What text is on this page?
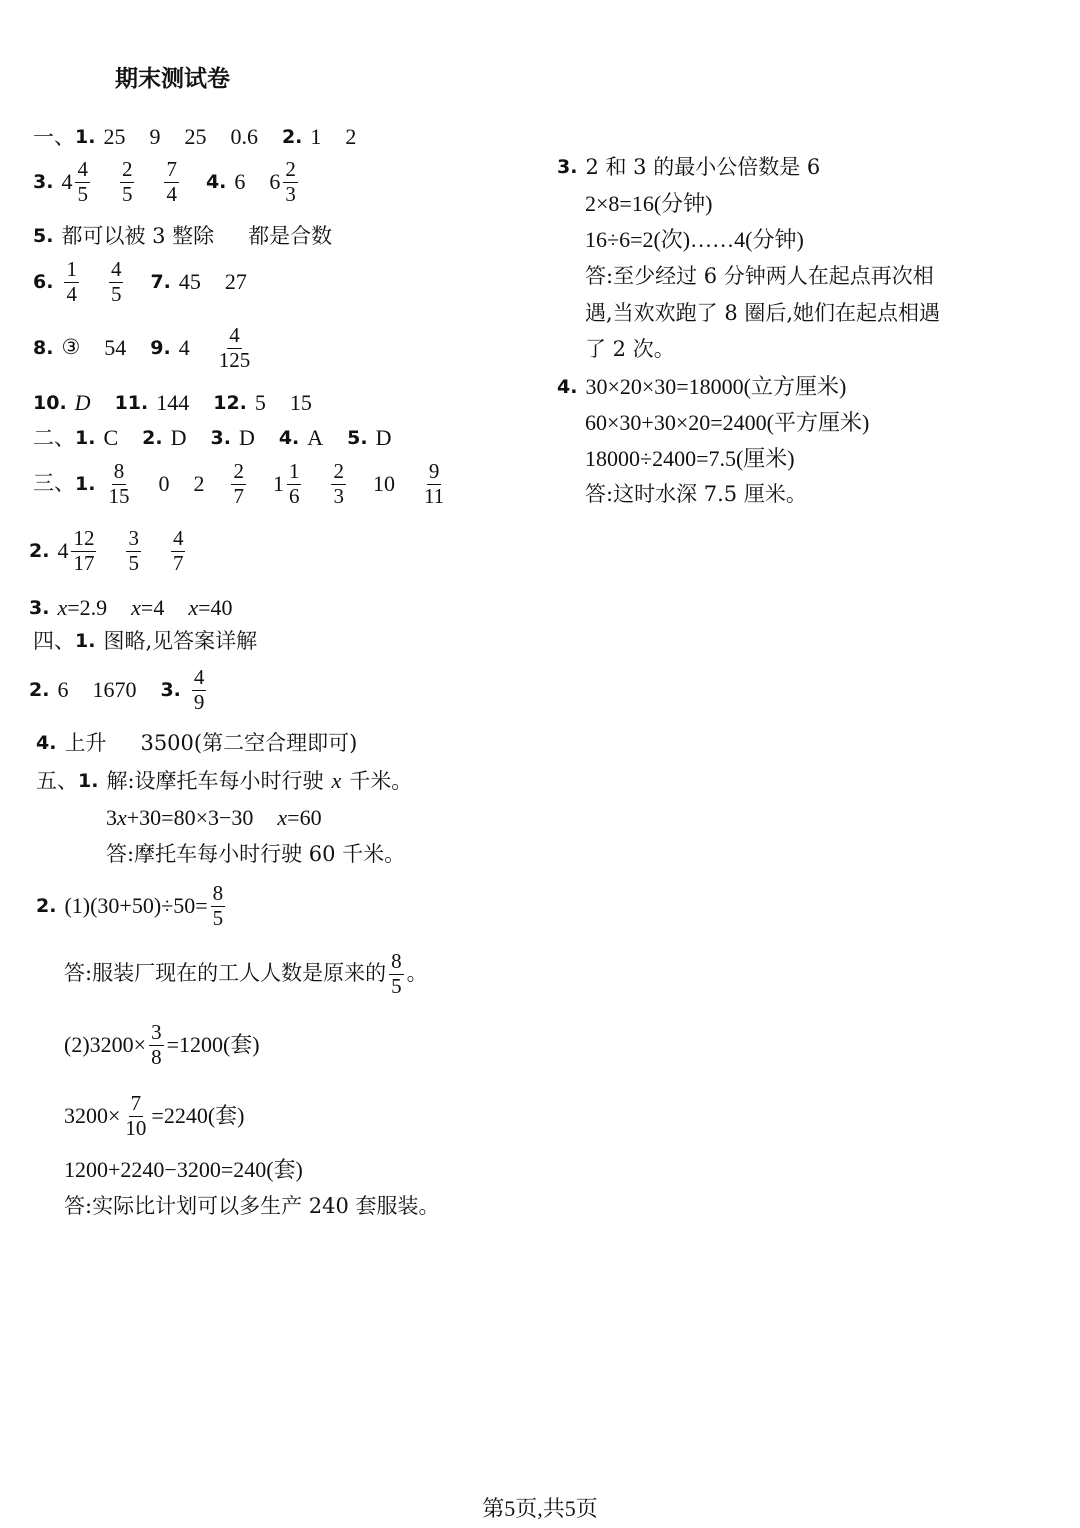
期末测试卷
一、 1. 25 9 25 0.6 2. 1 2
3. 4 4
5
2
5
7
4 4. 6 6 2
3
5. 都可以被 3 整除 都是合数
6.
1
4
4
5 7. 45 27
8. ③ 54 9. 4 4
125
10. D 11. 144 12. 5 15
二、 1. C 2. D 3. D 4. A 5. D
三、 1.
8
15 0 2 2
7 1 1
6
2
3 10 9
11
2. 4 12
17
3
5
4
7
3. x =2.9 x =4 x =40
四、 1. 图略,见答案详解
2. 6 1670 3.
4
9
4. 上升 3500(第二空合理即可)
五、 1. 解:设摩托车每小时行驶 x 千米。
3 x +30=80×3−30 x =60
答:摩托车每小时行驶 60 千米。
2. $(1)(30+50)\div 50= \frac{8}{5}$
答:服装厂现在的工人人数是原来的
8
5
。
$(2)3200\times \frac{3}{8} =1200$(套)
$3200\times \frac{7}{10} =2240$(套)
1200+2240−3200=240(套)
答:实际比计划可以多生产 240 套服装。
3. 2 和 3 的最小公倍数是 6
2×8=16(分钟)
16÷6=2(次)……4(分钟)
答:至少经过 6 分钟两人在起点再次相
遇,当欢欢跑了 8 圈后,她们在起点相遇
了 2 次。
4. 30×20×30=18000(立方厘米)
60×30+30×20=2400(平方厘米)
18000÷2400=7.5(厘米)
答:这时水深 7.5 厘米。
第5页,共5页
